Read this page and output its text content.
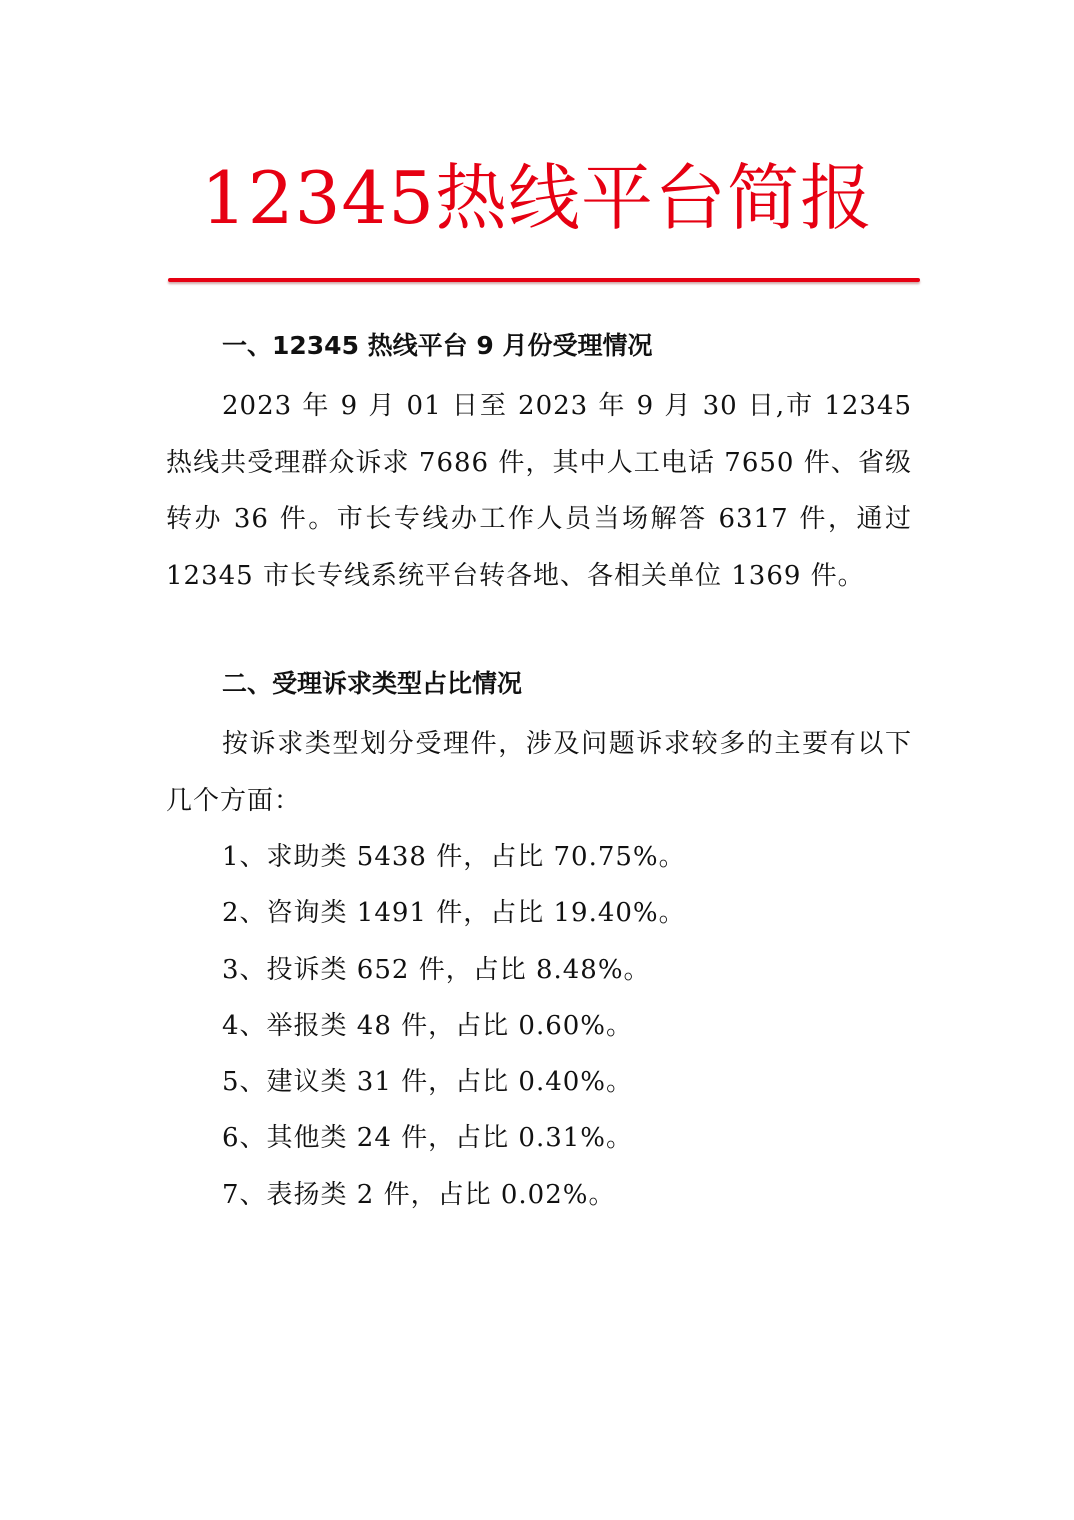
12345热线平台简报
一、12345 热线平台 9 月份受理情况

2023 年 9 月 01 日至 2023 年 9 月 30 日,市 12345 热线共受理群众诉求 7686 件，其中人工电话 7650 件、省级转办 36 件。市长专线办工作人员当场解答 6317 件，通过 12345 市长专线系统平台转各地、各相关单位 1369 件。

二、受理诉求类型占比情况

按诉求类型划分受理件，涉及问题诉求较多的主要有以下几个方面：

1、求助类 5438 件，占比 70.75%。
2、咨询类 1491 件，占比 19.40%。
3、投诉类 652 件，占比 8.48%。
4、举报类 48 件，占比 0.60%。
5、建议类 31 件，占比 0.40%。
6、其他类 24 件，占比 0.31%。
7、表扬类 2 件，占比 0.02%。
